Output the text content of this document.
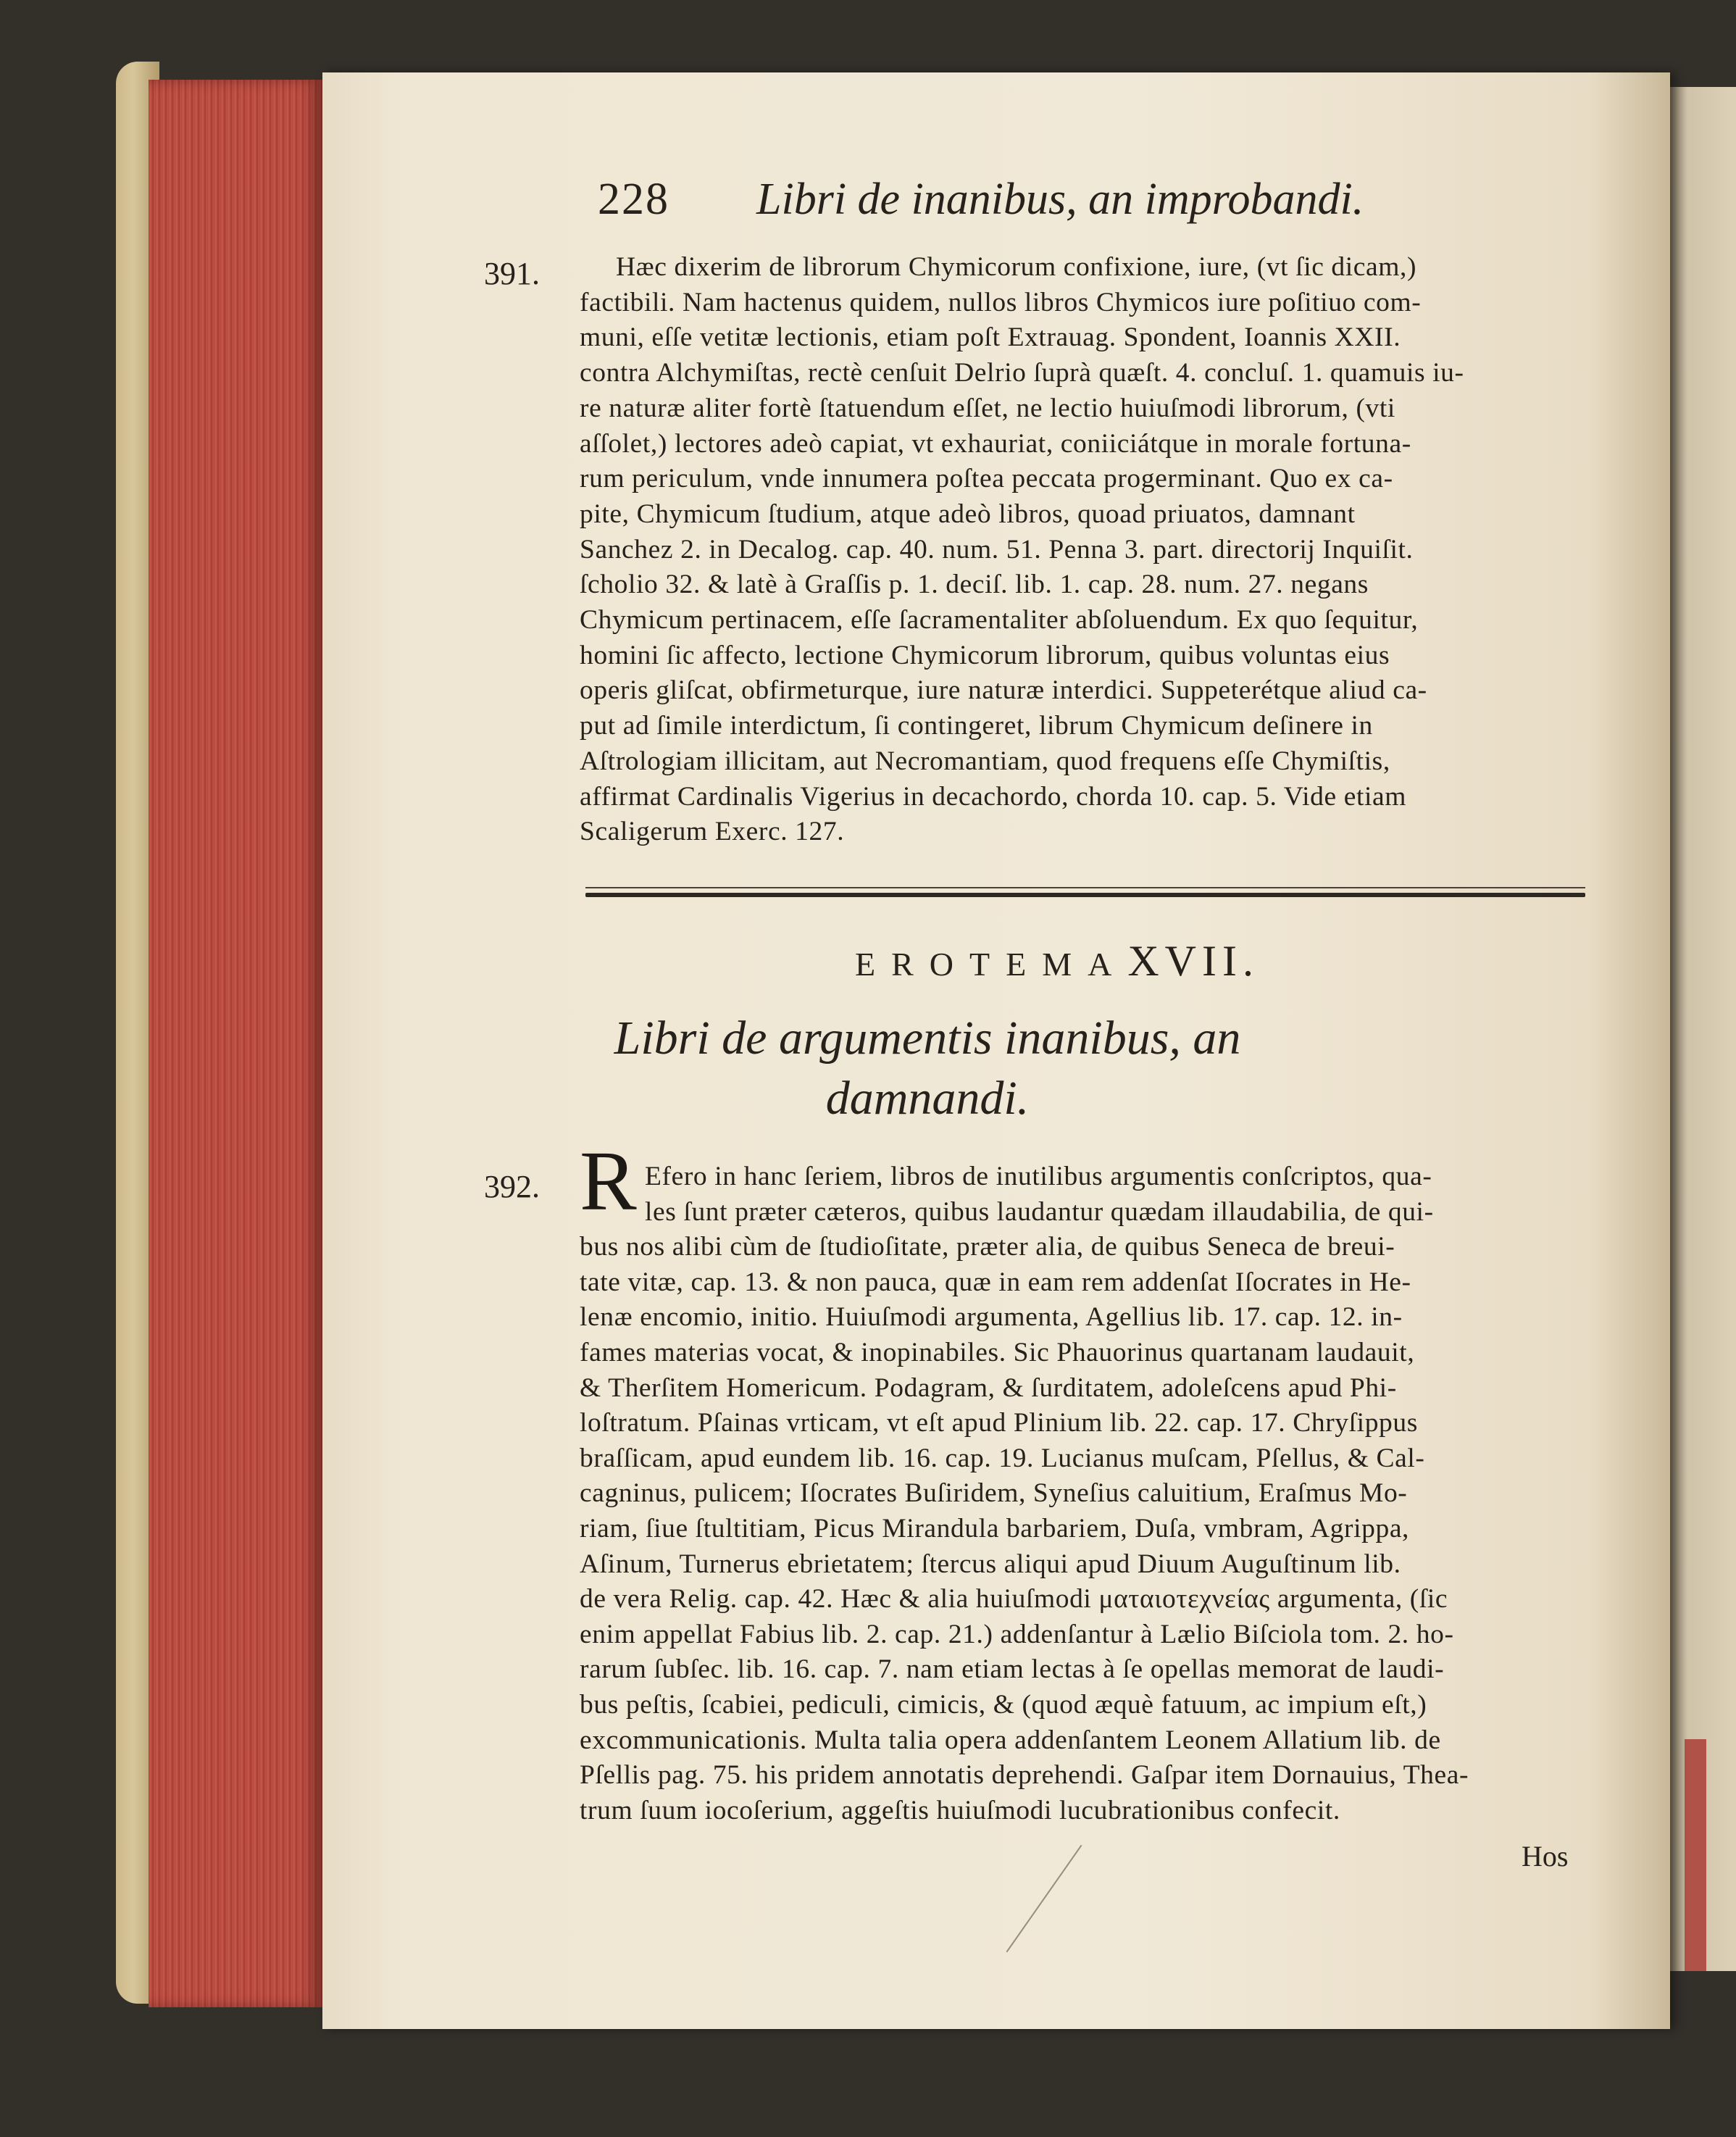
228 Libri de inanibus, an improbandi.
391.	Hæc dixerim de librorum Chymicorum confixione, iure, (vt ſic dicam,)
factibili. Nam hactenus quidem, nullos libros Chymicos iure poſitiuo com-
muni, eſſe vetitæ lectionis, etiam poſt Extrauag. Spondent, Ioannis XXII.
contra Alchymiſtas, rectè cenſuit Delrio ſuprà quæſt. 4. concluſ. 1. quamuis iu-
re naturæ aliter fortè ſtatuendum eſſet, ne lectio huiuſmodi librorum, (vti
aſſolet,) lectores adeò capiat, vt exhauriat, coniiciátque in morale fortuna-
rum periculum, vnde innumera poſtea peccata progerminant. Quo ex ca-
pite, Chymicum ſtudium, atque adeò libros, quoad priuatos, damnant
Sanchez 2. in Decalog. cap. 40. num. 51. Penna 3. part. directorij Inquiſit.
ſcholio 32. & latè à Graſſis p. 1. deciſ. lib. 1. cap. 28. num. 27. negans
Chymicum pertinacem, eſſe ſacramentaliter abſoluendum. Ex quo ſequitur,
homini ſic affecto, lectione Chymicorum librorum, quibus voluntas eius
operis gliſcat, obfirmeturque, iure naturæ interdici. Suppeterétque aliud ca-
put ad ſimile interdictum, ſi contingeret, librum Chymicum deſinere in
Aſtrologiam illicitam, aut Necromantiam, quod frequens eſſe Chymiſtis,
affirmat Cardinalis Vigerius in decachordo, chorda 10. cap. 5. Vide etiam
Scaligerum Exerc. 127.
EROTEMAXVII.
Libri de argumentis inanibus, an
damnandi.
392. R Efero in hanc ſeriem, libros de inutilibus argumentis conſcriptos, qua-
les ſunt præter cæteros, quibus laudantur quædam illaudabilia, de qui-
bus nos alibi cùm de ſtudioſitate, præter alia, de quibus Seneca de breui-
tate vitæ, cap. 13. & non pauca, quæ in eam rem addenſat Iſocrates in He-
lenæ encomio, initio. Huiuſmodi argumenta, Agellius lib. 17. cap. 12. in-
fames materias vocat, & inopinabiles. Sic Phauorinus quartanam laudauit,
& Therſitem Homericum. Podagram, & ſurditatem, adoleſcens apud Phi-
loſtratum. Pſainas vrticam, vt eſt apud Plinium lib. 22. cap. 17. Chryſippus
braſſicam, apud eundem lib. 16. cap. 19. Lucianus muſcam, Pſellus, & Cal-
cagninus, pulicem; Iſocrates Buſiridem, Syneſius caluitium, Eraſmus Mo-
riam, ſiue ſtultitiam, Picus Mirandula barbariem, Duſa, vmbram, Agrippa,
Aſinum, Turnerus ebrietatem; ſtercus aliqui apud Diuum Auguſtinum lib.
de vera Relig. cap. 42. Hæc & alia huiuſmodi ματαιοτεχνείας argumenta, (ſic
enim appellat Fabius lib. 2. cap. 21.) addenſantur à Lælio Biſciola tom. 2. ho-
rarum ſubſec. lib. 16. cap. 7. nam etiam lectas à ſe opellas memorat de laudi-
bus peſtis, ſcabiei, pediculi, cimicis, & (quod æquè fatuum, ac impium eſt,)
excommunicationis. Multa talia opera addenſantem Leonem Allatium lib. de
Pſellis pag. 75. his pridem annotatis deprehendi. Gaſpar item Dornauius, Thea-
trum ſuum iocoſerium, aggeſtis huiuſmodi lucubrationibus confecit.
Hos
